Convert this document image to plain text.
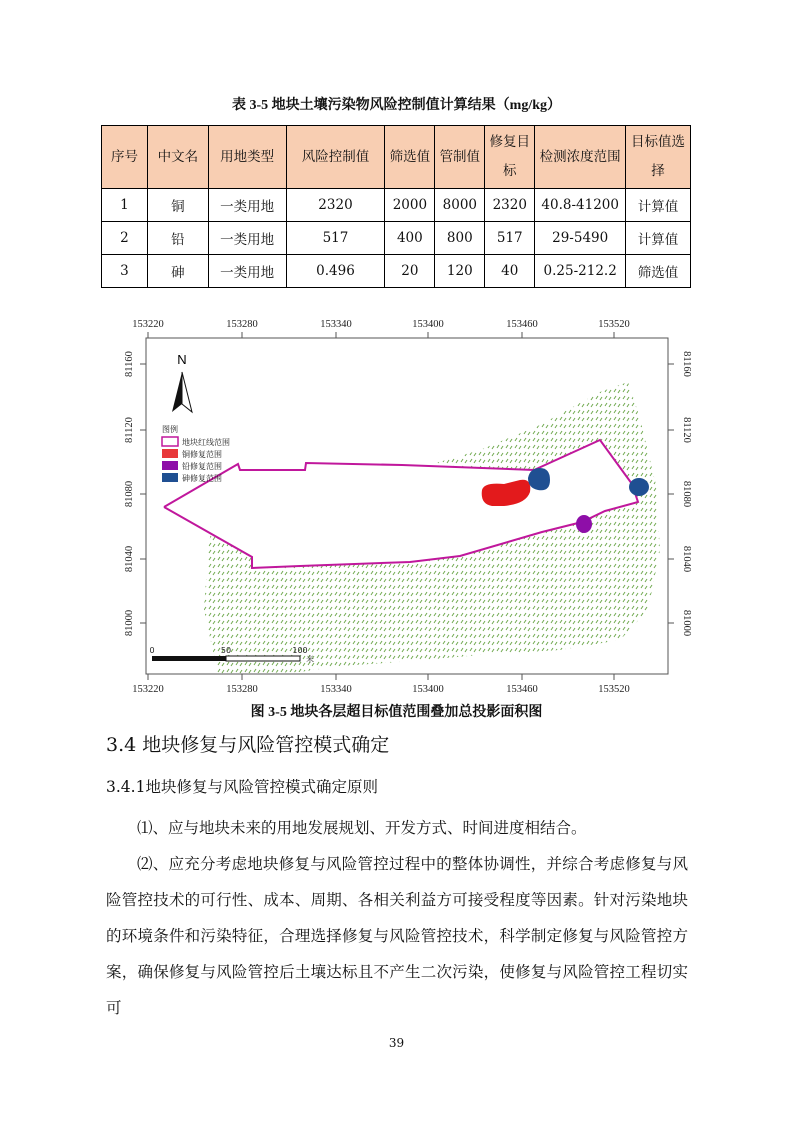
表 3-5 地块土壤污染物风险控制值计算结果（mg/kg）
序号	中文名	用地类型	风险控制值	筛选值	管制值	修复目标	检测浓度范围	目标值选择
1	铜	一类用地	2320	2000	8000	2320	40.8-41200	计算值
2	铅	一类用地	517	400	800	517	29-5490	计算值
3	砷	一类用地	0.496	20	120	40	0.25-212.2	筛选值
153220	153280	153340	153400	153460	153520
153220	153280	153340	153400	153460	153520
81160
81120
81080
81040
81000
81160
81120
81080
81040
81000
N
图例
地块红线范围
铜修复范围
铅修复范围
砷修复范围
0	50	100
米
图 3-5 地块各层超目标值范围叠加总投影面积图
3.4 地块修复与风险管控模式确定
3.4.1地块修复与风险管控模式确定原则

⑴、应与地块未来的用地发展规划、开发方式、时间进度相结合。

⑵、应充分考虑地块修复与风险管控过程中的整体协调性，并综合考虑修复与风险管控技术的可行性、成本、周期、各相关利益方可接受程度等因素。针对污染地块的环境条件和污染特征，合理选择修复与风险管控技术，科学制定修复与风险管控方案，确保修复与风险管控后土壤达标且不产生二次污染，使修复与风险管控工程切实可

39
